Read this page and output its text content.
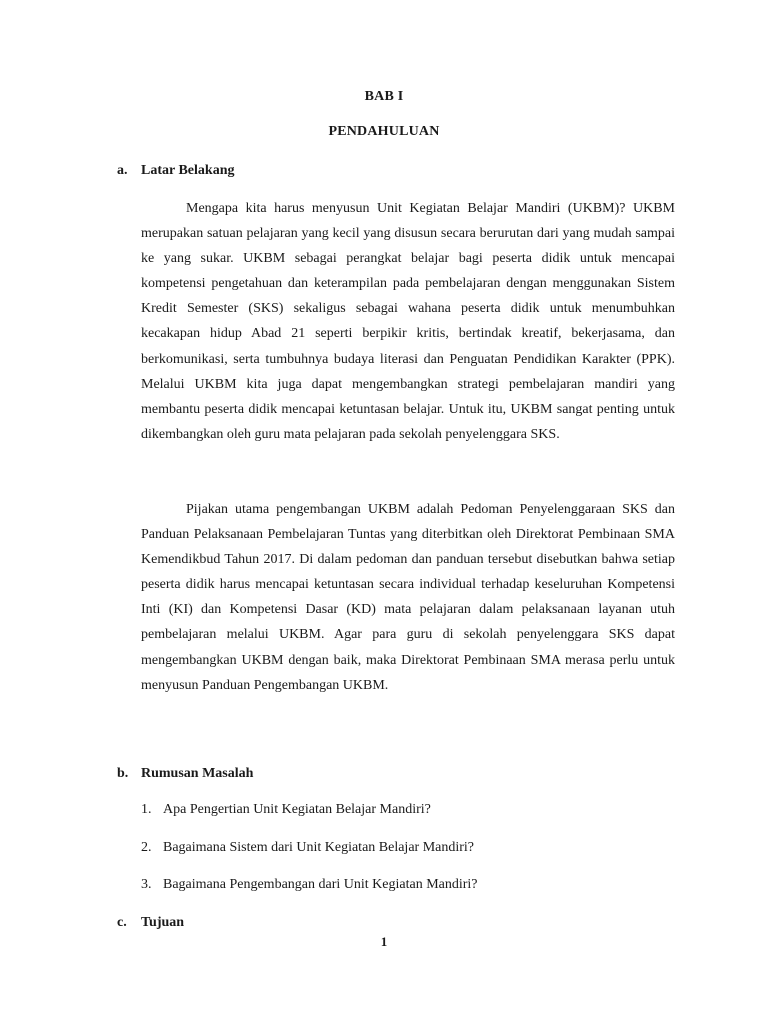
BAB I
PENDAHULUAN
a. Latar Belakang

Mengapa kita harus menyusun Unit Kegiatan Belajar Mandiri (UKBM)? UKBM merupakan satuan pelajaran yang kecil yang disusun secara berurutan dari yang mudah sampai ke yang sukar. UKBM sebagai perangkat belajar bagi peserta didik untuk mencapai kompetensi pengetahuan dan keterampilan pada pembelajaran dengan menggunakan Sistem Kredit Semester (SKS) sekaligus sebagai wahana peserta didik untuk menumbuhkan kecakapan hidup Abad 21 seperti berpikir kritis, bertindak kreatif, bekerjasama, dan berkomunikasi, serta tumbuhnya budaya literasi dan Penguatan Pendidikan Karakter (PPK). Melalui UKBM kita juga dapat mengembangkan strategi pembelajaran mandiri yang membantu peserta didik mencapai ketuntasan belajar. Untuk itu, UKBM sangat penting untuk dikembangkan oleh guru mata pelajaran pada sekolah penyelenggara SKS.

Pijakan utama pengembangan UKBM adalah Pedoman Penyelenggaraan SKS dan Panduan Pelaksanaan Pembelajaran Tuntas yang diterbitkan oleh Direktorat Pembinaan SMA Kemendikbud Tahun 2017. Di dalam pedoman dan panduan tersebut disebutkan bahwa setiap peserta didik harus mencapai ketuntasan secara individual terhadap keseluruhan Kompetensi Inti (KI) dan Kompetensi Dasar (KD) mata pelajaran dalam pelaksanaan layanan utuh pembelajaran melalui UKBM. Agar para guru di sekolah penyelenggara SKS dapat mengembangkan UKBM dengan baik, maka Direktorat Pembinaan SMA merasa perlu untuk menyusun Panduan Pengembangan UKBM.

b. Rumusan Masalah
1. Apa Pengertian Unit Kegiatan Belajar Mandiri?
2. Bagaimana Sistem dari Unit Kegiatan Belajar Mandiri?
3. Bagaimana Pengembangan dari Unit Kegiatan Mandiri?
c. Tujuan
1
